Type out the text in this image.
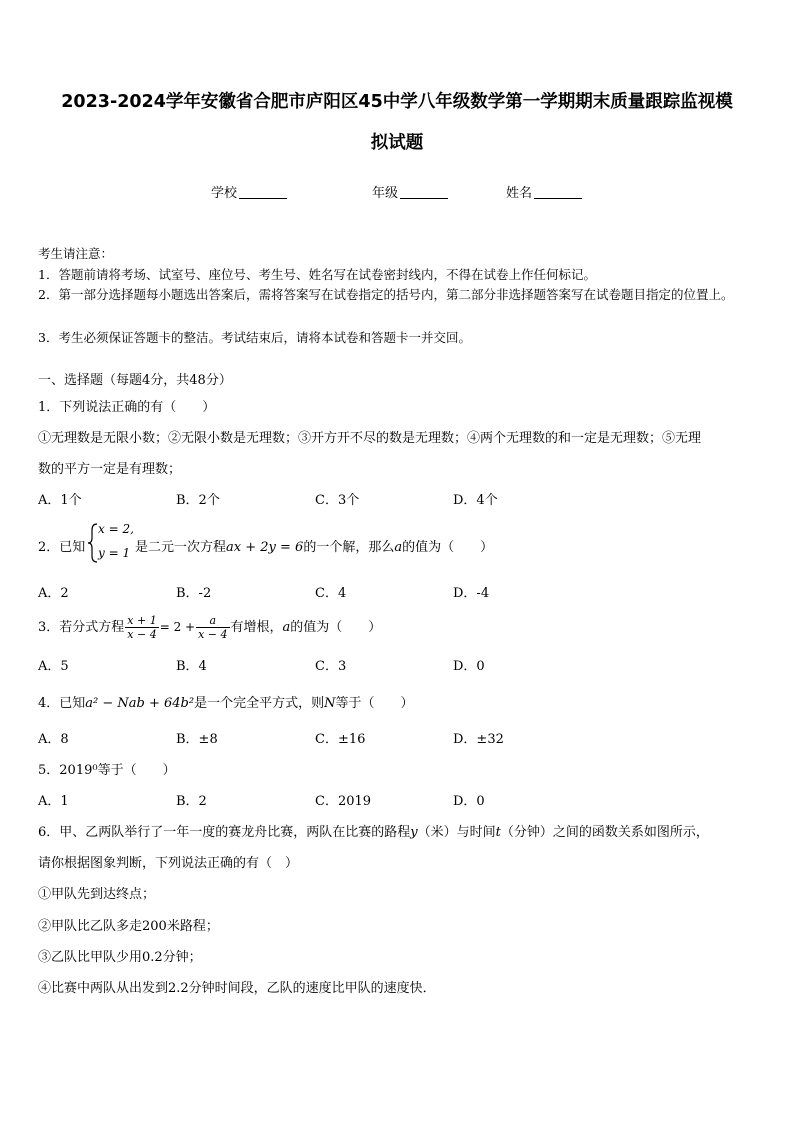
2023-2024学年安徽省合肥市庐阳区45中学八年级数学第一学期期末质量跟踪监视模
拟试题
学校	年级	姓名
考生请注意：
1．答题前请将考场、试室号、座位号、考生号、姓名写在试卷密封线内，不得在试卷上作任何标记。
2．第一部分选择题每小题选出答案后，需将答案写在试卷指定的括号内，第二部分非选择题答案写在试卷题目指定的位置上。
3．考生必须保证答题卡的整洁。考试结束后，请将本试卷和答题卡一并交回。
一、选择题（每题4分，共48分）
1．下列说法正确的有（　　）
①无理数是无限小数；②无限小数是无理数；③开方开不尽的数是无理数；④两个无理数的和一定是无理数；⑤无理
数的平方一定是有理数；
A．1个	B．2个	C．3个	D．4个
2．已知
x = 2,
y = 1 是二元一次方程ax + 2y = 6的一个解，那么a的值为（　　）
A．2	B．-2	C．4	D．-4
3．若分式方程 $\frac{x + 1}{x - 4} = 2 + \frac{a}{x - 4}$ 有增根，a的值为（　　）
A．5	B．4	C．3	D．0
4．已知a² − Nab + 64b²是一个完全平方式，则N等于（　　）
A．8	B．±8	C．±16	D．±32
5．2019⁰等于（　　）
A．1	B．2	C．2019	D．0
6．甲、乙两队举行了一年一度的赛龙舟比赛，两队在比赛的路程y（米）与时间t（分钟）之间的函数关系如图所示，
请你根据图象判断，下列说法正确的有（　）
①甲队先到达终点；
②甲队比乙队多走200米路程；
③乙队比甲队少用0.2分钟；
④比赛中两队从出发到2.2分钟时间段，乙队的速度比甲队的速度快．
